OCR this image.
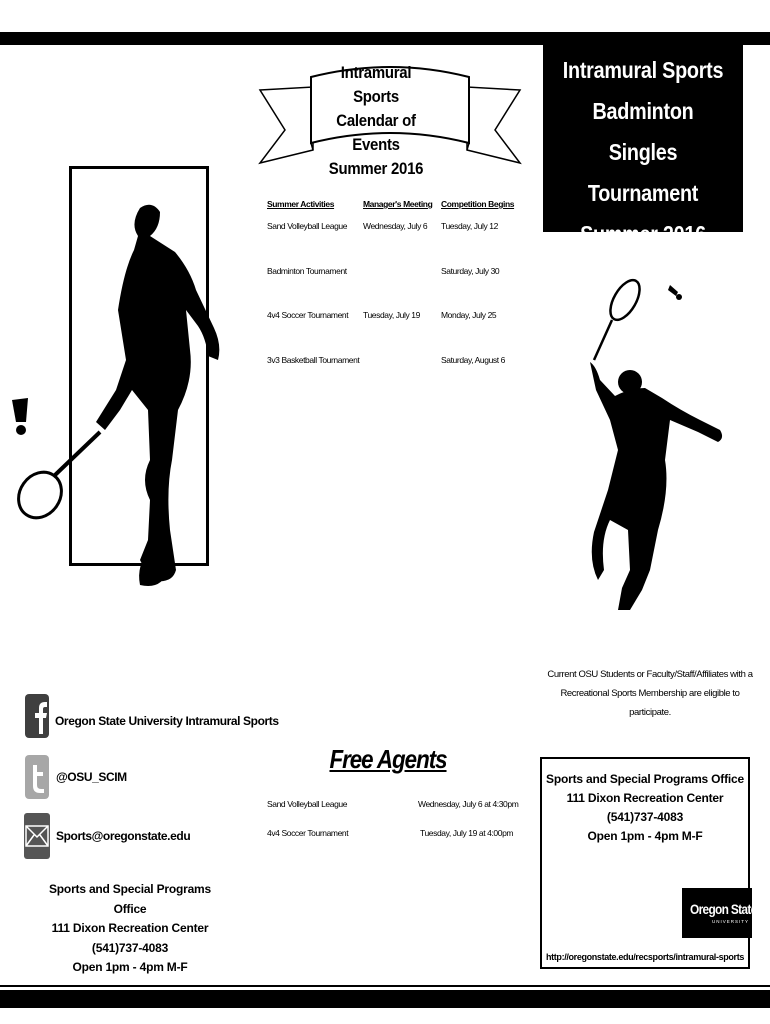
Intramural Sports
Calendar of Events
Summer 2016
Intramural Sports
Badminton Singles
Tournament
Summer 2016
Summer Activities	Manager's Meeting	Competition Begins
Sand Volleyball League	Wednesday, July 6	Tuesday, July 12
Badminton Tournament		Saturday, July 30
4v4 Soccer Tournament	Tuesday, July 19	Monday, July 25
3v3 Basketball Tournament		Saturday, August 6
Current OSU Students or Faculty/Staff/Affiliates with a
Recreational Sports Membership are eligible to participate.
Oregon State University Intramural Sports
@OSU_SCIM
Sports@oregonstate.edu
Sports and Special Programs Office
111 Dixon Recreation Center
(541)737-4083
Open 1pm - 4pm M-F
Free Agents
Sand Volleyball League	Wednesday, July 6 at 4:30pm
4v4 Soccer Tournament	Tuesday, July 19 at 4:00pm
Sports and Special Programs Office
111 Dixon Recreation Center
(541)737-4083
Open 1pm - 4pm M-F
Oregon State
UNIVERSITY
http://oregonstate.edu/recsports/intramural-sports
